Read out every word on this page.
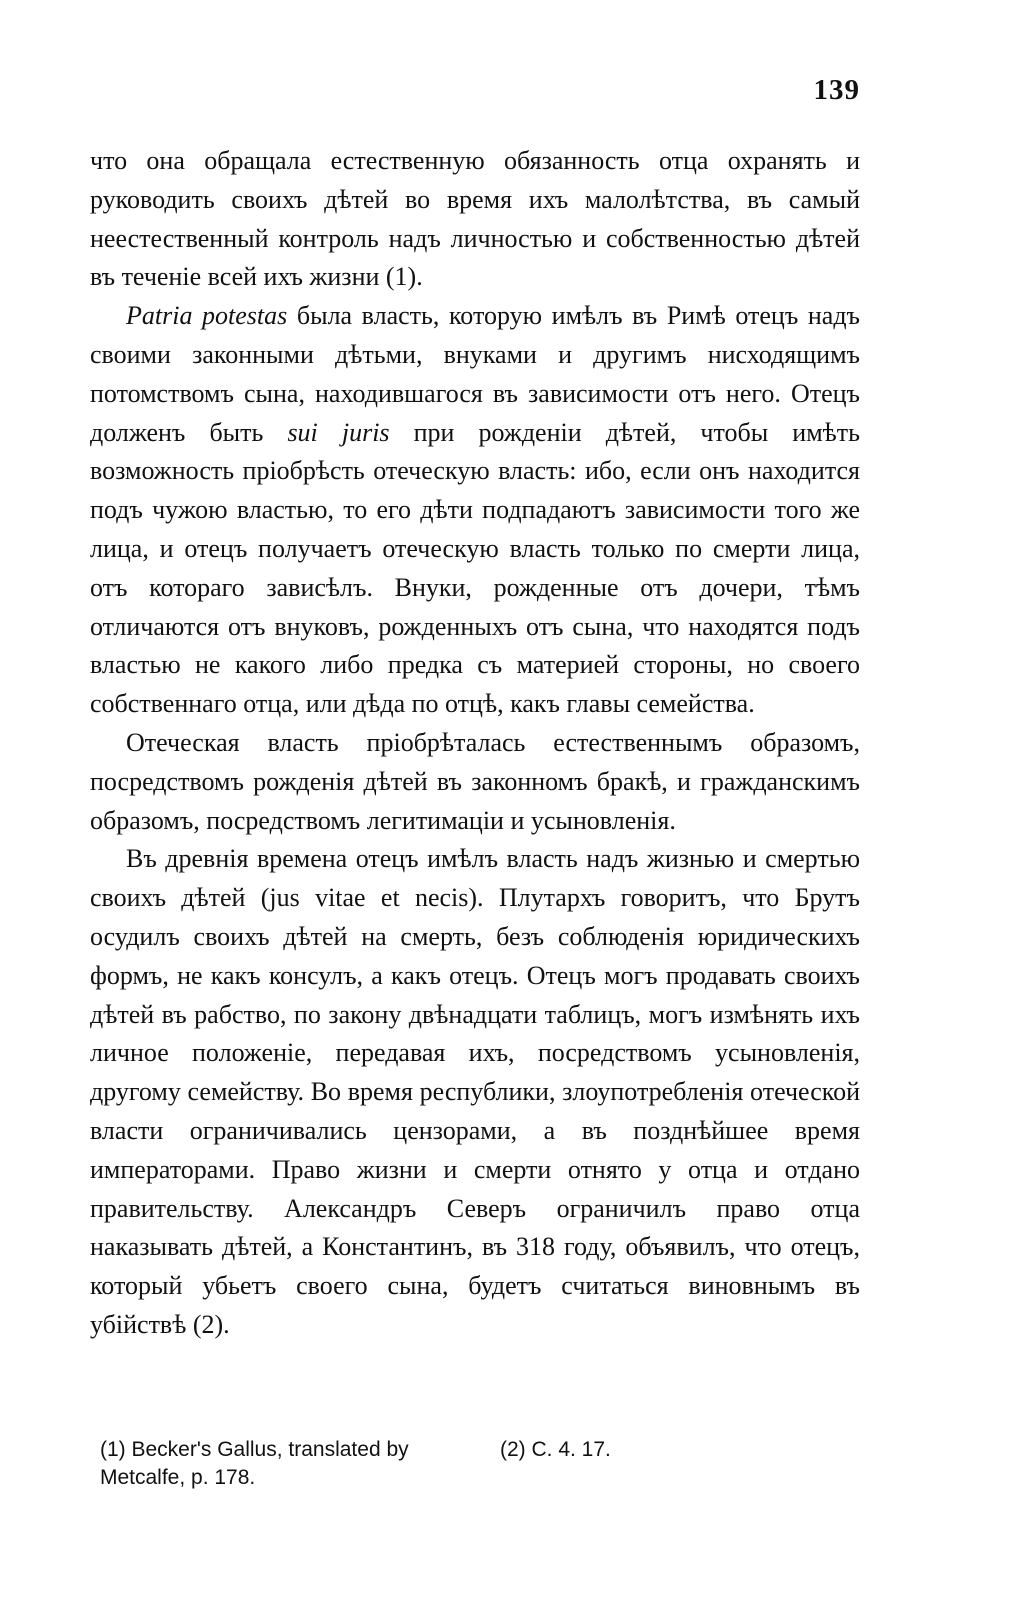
139

что она обращала естественную обязанность отца охранять и руководить своихъ дѣтей во время ихъ малолѣтства, въ самый неестественный контроль надъ личностью и собственностью дѣтей въ теченіе всей ихъ жизни (1).

Patria potestas была власть, которую имѣлъ въ Римѣ отецъ надъ своими законными дѣтьми, внуками и другимъ нисходящимъ потомствомъ сына, находившагося въ зависимости отъ него. Отецъ долженъ быть sui juris при рожденіи дѣтей, чтобы имѣть возможность пріобрѣсть отеческую власть: ибо, если онъ находится подъ чужою властью, то его дѣти подпадаютъ зависимости того же лица, и отецъ получаетъ отеческую власть только по смерти лица, отъ котораго зависѣлъ. Внуки, рожденные отъ дочери, тѣмъ отличаются отъ внуковъ, рожденныхъ отъ сына, что находятся подъ властью не какого либо предка съ материей стороны, но своего собственнаго отца, или дѣда по отцѣ, какъ главы семейства.

Отеческая власть пріобрѣталась естественнымъ образомъ, посредствомъ рожденія дѣтей въ законномъ бракѣ, и гражданскимъ образомъ, посредствомъ легитимаціи и усыновленія.

Въ древнія времена отецъ имѣлъ власть надъ жизнью и смертью своихъ дѣтей (jus vitae et necis). Плутархъ говоритъ, что Брутъ осудилъ своихъ дѣтей на смерть, безъ соблюденія юридическихъ формъ, не какъ консулъ, а какъ отецъ. Отецъ могъ продавать своихъ дѣтей въ рабство, по закону двѣнадцати таблицъ, могъ измѣнять ихъ личное положеніе, передавая ихъ, посредствомъ усыновленія, другому семейству. Во время республики, злоупотребленія отеческой власти ограничивались цензорами, а въ позднѣйшее время императорами. Право жизни и смерти отнято у отца и отдано правительству. Александръ Северъ ограничилъ право отца наказывать дѣтей, а Константинъ, въ 318 году, объявилъ, что отецъ, который убьетъ своего сына, будетъ считаться виновнымъ въ убійствѣ (2).

(1) Becker's Gallus, translated by	(2) C. 4. 17.
Metcalfe, p. 178.
